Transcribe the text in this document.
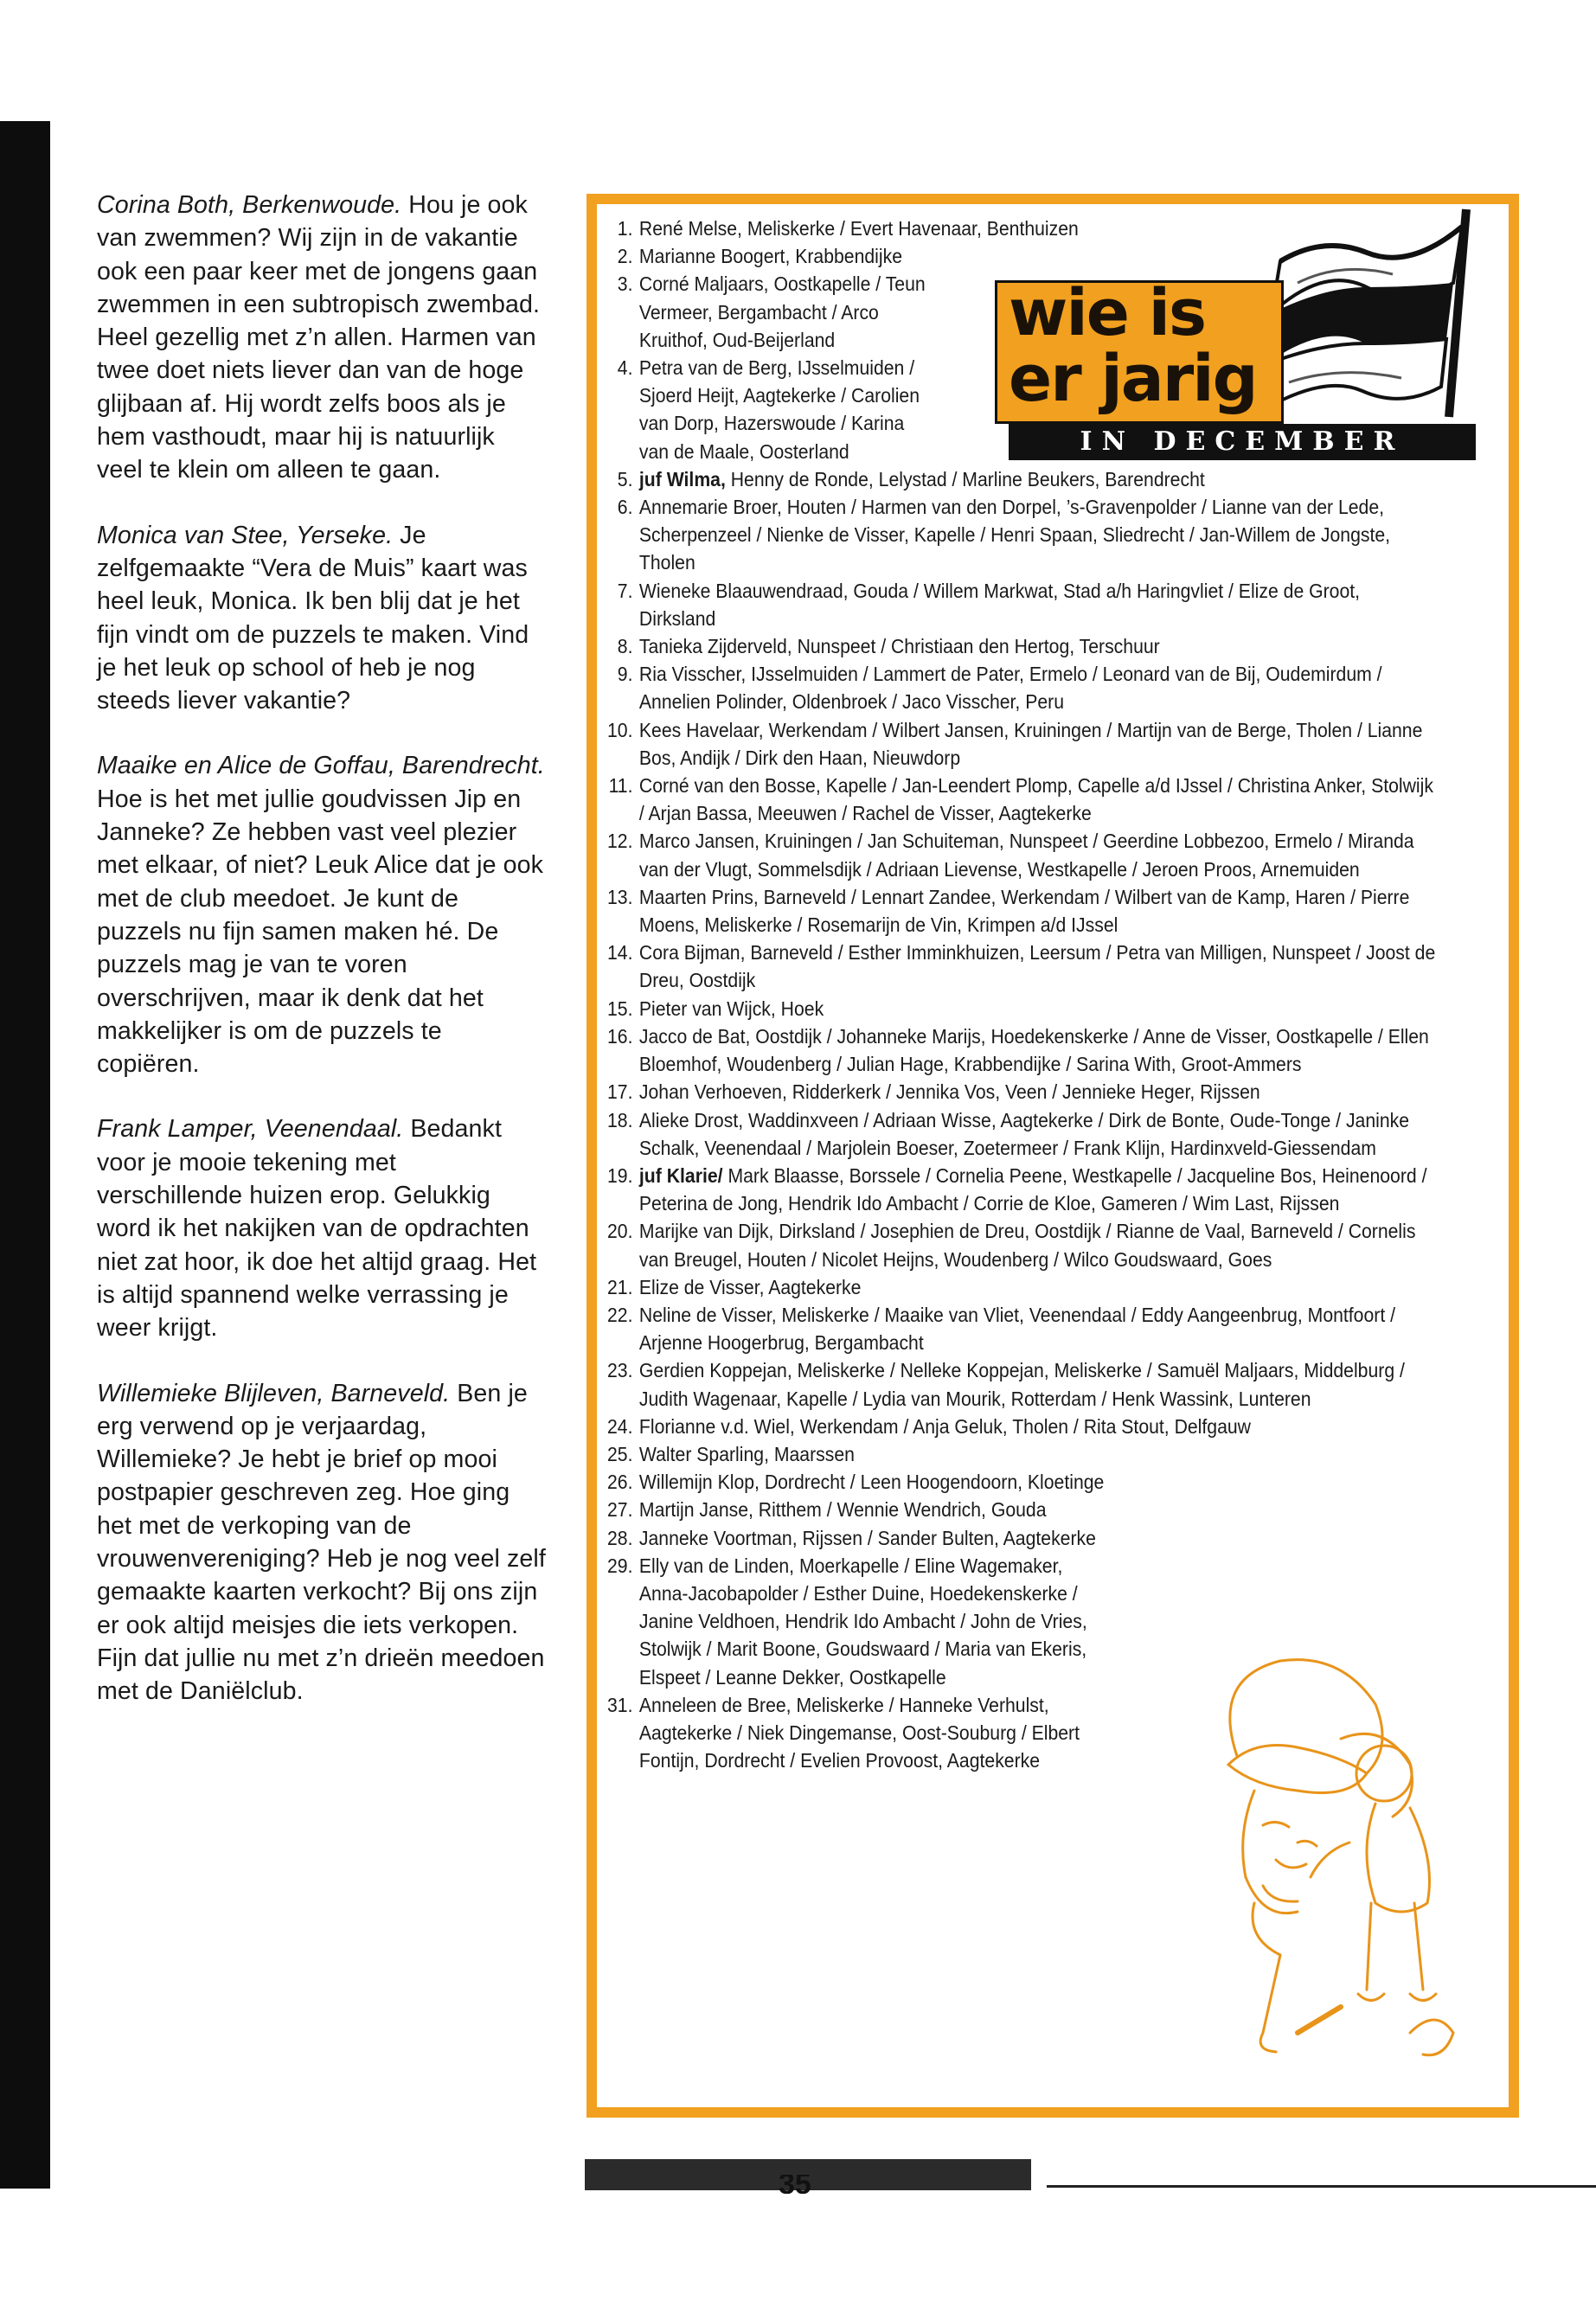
Corina Both, Berkenwoude. Hou je ook van zwemmen? Wij zijn in de vakantie ook een paar keer met de jongens gaan zwemmen in een subtropisch zwembad. Heel gezellig met z’n allen. Harmen van twee doet niets liever dan van de hoge glijbaan af. Hij wordt zelfs boos als je hem vasthoudt, maar hij is natuurlijk veel te klein om alleen te gaan.

Monica van Stee, Yerseke. Je zelfgemaakte “Vera de Muis” kaart was heel leuk, Monica. Ik ben blij dat je het fijn vindt om de puzzels te maken. Vind je het leuk op school of heb je nog steeds liever vakantie?

Maaike en Alice de Goffau, Barendrecht. Hoe is het met jullie goudvissen Jip en Janneke? Ze hebben vast veel plezier met elkaar, of niet? Leuk Alice dat je ook met de club meedoet. Je kunt de puzzels nu fijn samen maken hé. De puzzels mag je van te voren overschrijven, maar ik denk dat het makkelijker is om de puzzels te copiëren.

Frank Lamper, Veenendaal. Bedankt voor je mooie tekening met verschillende huizen erop. Gelukkig word ik het nakijken van de opdrachten niet zat hoor, ik doe het altijd graag. Het is altijd spannend welke verrassing je weer krijgt.

Willemieke Blijleven, Barneveld. Ben je erg verwend op je verjaardag, Willemieke? Je hebt je brief op mooi postpapier geschreven zeg. Hoe ging het met de verkoping van de vrouwenvereniging? Heb je nog veel zelf gemaakte kaarten verkocht? Bij ons zijn er ook altijd meisjes die iets verkopen. Fijn dat jullie nu met z’n drieën meedoen met de Daniëlclub.

1. René Melse, Meliskerke / Evert Havenaar, Benthuizen
2. Marianne Boogert, Krabbendijke
3. Corné Maljaars, Oostkapelle / Teun Vermeer, Bergambacht / Arco Kruithof, Oud-Beijerland
4. Petra van de Berg, IJsselmuiden / Sjoerd Heijt, Aagtekerke / Carolien van Dorp, Hazerswoude / Karina van de Maale, Oosterland
5. juf Wilma, Henny de Ronde, Lelystad / Marline Beukers, Barendrecht
6. Annemarie Broer, Houten / Harmen van den Dorpel, ’s-Gravenpolder / Lianne van der Lede, Scherpenzeel / Nienke de Visser, Kapelle / Henri Spaan, Sliedrecht / Jan-Willem de Jongste, Tholen
7. Wieneke Blaauwendraad, Gouda / Willem Markwat, Stad a/h Haringvliet / Elize de Groot, Dirksland
8. Tanieka Zijderveld, Nunspeet / Christiaan den Hertog, Terschuur
9. Ria Visscher, IJsselmuiden / Lammert de Pater, Ermelo / Leonard van de Bij, Oudemirdum / Annelien Polinder, Oldenbroek / Jaco Visscher, Peru
10. Kees Havelaar, Werkendam / Wilbert Jansen, Kruiningen / Martijn van de Berge, Tholen / Lianne Bos, Andijk / Dirk den Haan, Nieuwdorp
11. Corné van den Bosse, Kapelle / Jan-Leendert Plomp, Capelle a/d IJssel / Christina Anker, Stolwijk / Arjan Bassa, Meeuwen / Rachel de Visser, Aagtekerke
12. Marco Jansen, Kruiningen / Jan Schuiteman, Nunspeet / Geerdine Lobbezoo, Ermelo / Miranda van der Vlugt, Sommelsdijk / Adriaan Lievense, Westkapelle / Jeroen Proos, Arnemuiden
13. Maarten Prins, Barneveld / Lennart Zandee, Werkendam / Wilbert van de Kamp, Haren / Pierre Moens, Meliskerke / Rosemarijn de Vin, Krimpen a/d IJssel
14. Cora Bijman, Barneveld / Esther Imminkhuizen, Leersum / Petra van Milligen, Nunspeet / Joost de Dreu, Oostdijk
15. Pieter van Wijck, Hoek
16. Jacco de Bat, Oostdijk / Johanneke Marijs, Hoedekenskerke / Anne de Visser, Oostkapelle / Ellen Bloemhof, Woudenberg / Julian Hage, Krabbendijke / Sarina With, Groot-Ammers
17. Johan Verhoeven, Ridderkerk / Jennika Vos, Veen / Jennieke Heger, Rijssen
18. Alieke Drost, Waddinxveen / Adriaan Wisse, Aagtekerke / Dirk de Bonte, Oude-Tonge / Janinke Schalk, Veenendaal / Marjolein Boeser, Zoetermeer / Frank Klijn, Hardinxveld-Giessendam
19. juf Klarie/ Mark Blaasse, Borssele / Cornelia Peene, Westkapelle / Jacqueline Bos, Heinenoord / Peterina de Jong, Hendrik Ido Ambacht / Corrie de Kloe, Gameren / Wim Last, Rijssen
20. Marijke van Dijk, Dirksland / Josephien de Dreu, Oostdijk / Rianne de Vaal, Barneveld / Cornelis van Breugel, Houten / Nicolet Heijns, Woudenberg / Wilco Goudswaard, Goes
21. Elize de Visser, Aagtekerke
22. Neline de Visser, Meliskerke / Maaike van Vliet, Veenendaal / Eddy Aangeenbrug, Montfoort / Arjenne Hoogerbrug, Bergambacht
23. Gerdien Koppejan, Meliskerke / Nelleke Koppejan, Meliskerke / Samuël Maljaars, Middelburg / Judith Wagenaar, Kapelle / Lydia van Mourik, Rotterdam / Henk Wassink, Lunteren
24. Florianne v.d. Wiel, Werkendam / Anja Geluk, Tholen / Rita Stout, Delfgauw
25. Walter Sparling, Maarssen
26. Willemijn Klop, Dordrecht / Leen Hoogendoorn, Kloetinge
27. Martijn Janse, Ritthem / Wennie Wendrich, Gouda
28. Janneke Voortman, Rijssen / Sander Bulten, Aagtekerke
29. Elly van de Linden, Moerkapelle / Eline Wagemaker, Anna-Jacobapolder / Esther Duine, Hoedekenskerke / Janine Veldhoen, Hendrik Ido Ambacht / John de Vries, Stolwijk / Marit Boone, Goudswaard / Maria van Ekeris, Elspeet / Leanne Dekker, Oostkapelle
31. Anneleen de Bree, Meliskerke / Hanneke Verhulst, Aagtekerke / Niek Dingemanse, Oost-Souburg / Elbert Fontijn, Dordrecht / Evelien Provoost, Aagtekerke
wie is
er jarig
IN DECEMBER
35
